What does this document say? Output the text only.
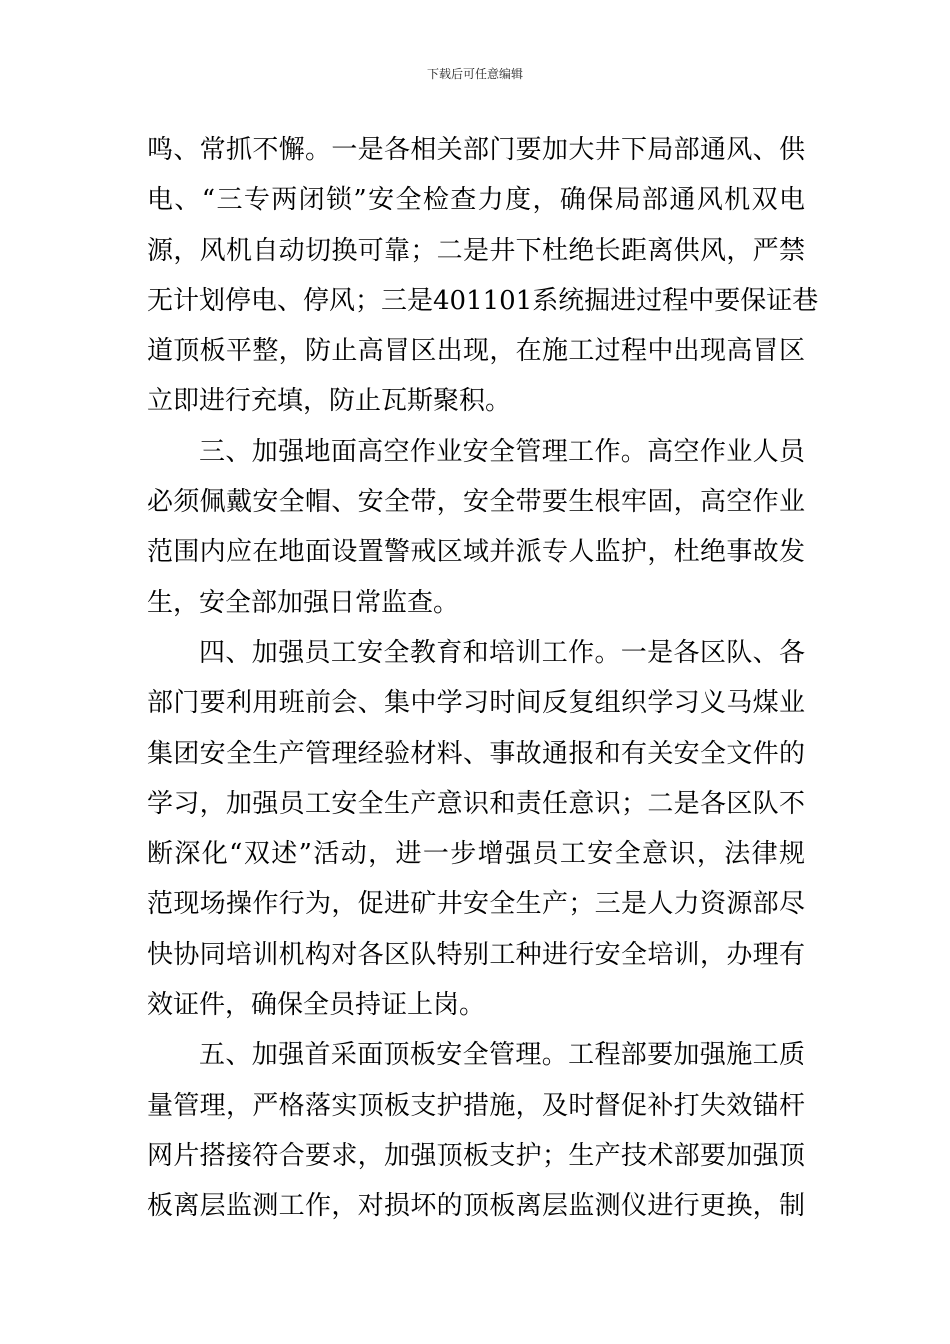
下载后可任意编辑
鸣、常抓不懈。一是各相关部门要加大井下局部通风、供
电、“三专两闭锁”安全检查力度，确保局部通风机双电
源，风机自动切换可靠；二是井下杜绝长距离供风，严禁
无计划停电、停风；三是401101系统掘进过程中要保证巷
道顶板平整，防止高冒区出现，在施工过程中出现高冒区
立即进行充填，防止瓦斯聚积。
三、加强地面高空作业安全管理工作。高空作业人员
必须佩戴安全帽、安全带，安全带要生根牢固，高空作业
范围内应在地面设置警戒区域并派专人监护，杜绝事故发
生，安全部加强日常监查。
四、加强员工安全教育和培训工作。一是各区队、各
部门要利用班前会、集中学习时间反复组织学习义马煤业
集团安全生产管理经验材料、事故通报和有关安全文件的
学习，加强员工安全生产意识和责任意识；二是各区队不
断深化“双述”活动，进一步增强员工安全意识，法律规
范现场操作行为，促进矿井安全生产；三是人力资源部尽
快协同培训机构对各区队特别工种进行安全培训，办理有
效证件，确保全员持证上岗。
五、加强首采面顶板安全管理。工程部要加强施工质
量管理，严格落实顶板支护措施，及时督促补打失效锚杆
网片搭接符合要求，加强顶板支护；生产技术部要加强顶
板离层监测工作，对损坏的顶板离层监测仪进行更换，制
